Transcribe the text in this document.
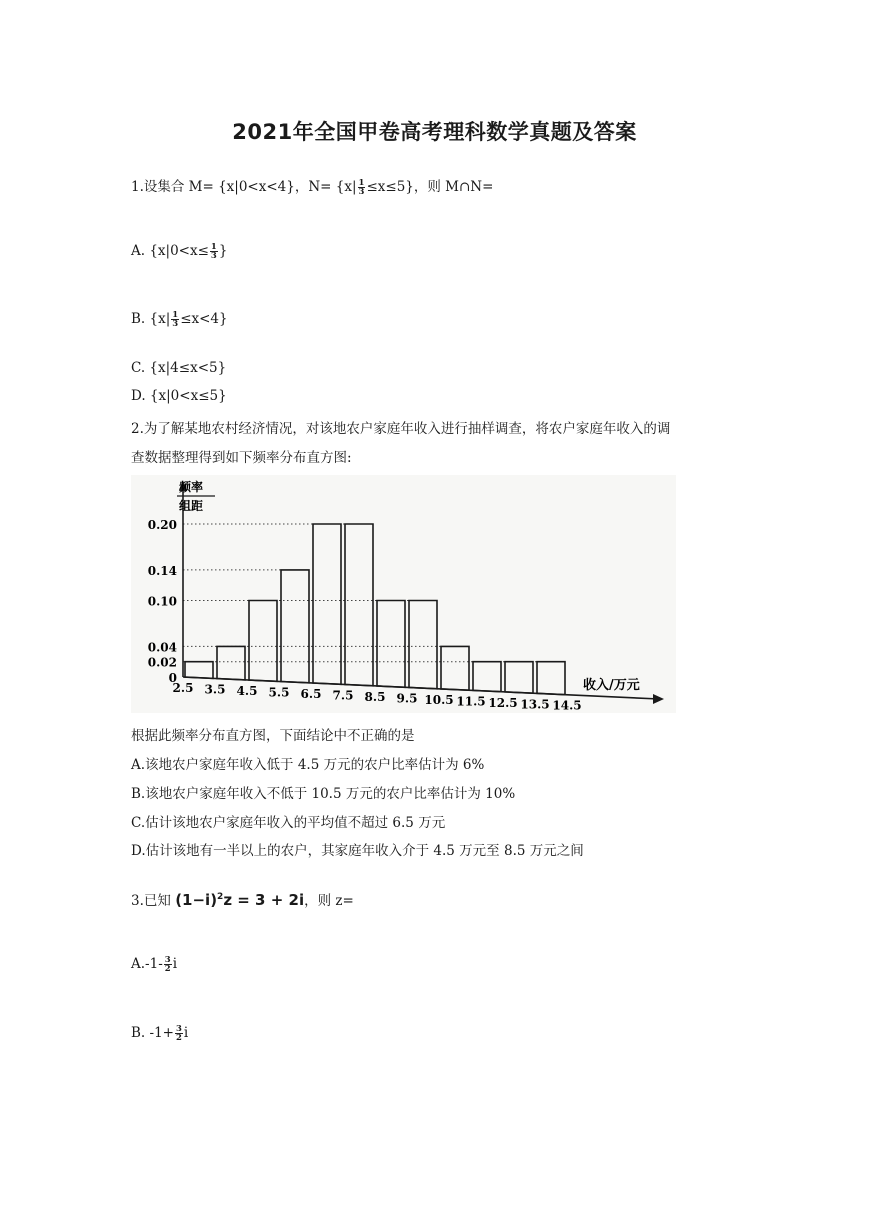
2021年全国甲卷高考理科数学真题及答案
1.设集合 M= {x|0<x<4}，$N= \{x| \frac{1}{3} \le x\le 5\}$，则 M∩N=
A. {$x|0<x\le \frac{1}{3}$ }
B. $\{x| \frac{1}{3} \le x<4\}$
C. {x|4≤x<5}
D. {x|0<x≤5}
2.为了解某地农村经济情况，对该地农户家庭年收入进行抽样调查，将农户家庭年收入的调
查数据整理得到如下频率分布直方图:
频率
组距
收入/万元
0.20
0.14
0.10
0.04
0.02
0
2.5 3.5 4.5 5.5 6.5 7.5 8.5 9.5 10.5 11.5 12.5 13.5 14.5
根据此频率分布直方图，下面结论中不正确的是
A.该地农户家庭年收入低于 4.5 万元的农户比率估计为 6%
B.该地农户家庭年收入不低于 10.5 万元的农户比率估计为 10%
C.估计该地农户家庭年收入的平均值不超过 6.5 万元
D.估计该地有一半以上的农户，其家庭年收入介于 4.5 万元至 8.5 万元之间
3.已知 $(1-i)^2z = 3 + 2i$，则 z=
$A.-1- \frac{3}{2}$ i
B. $-1+ \frac{3}{2}$ i
